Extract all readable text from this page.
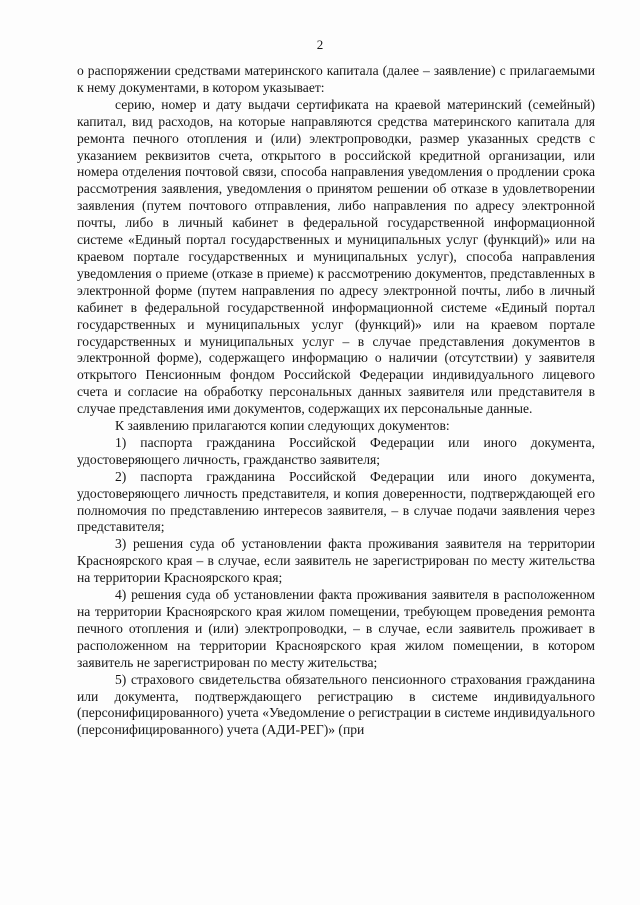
2

о распоряжении средствами материнского капитала (далее – заявление) с прилагаемыми к нему документами, в котором указывает:

серию, номер и дату выдачи сертификата на краевой материнский (семейный) капитал, вид расходов, на которые направляются средства материнского капитала для ремонта печного отопления и (или) электропроводки, размер указанных средств с указанием реквизитов счета, открытого в российской кредитной организации, или номера отделения почтовой связи, способа направления уведомления о продлении срока рассмотрения заявления, уведомления о принятом решении об отказе в удовлетворении заявления (путем почтового отправления, либо направления по адресу электронной почты, либо в личный кабинет в федеральной государственной информационной системе «Единый портал государственных и муниципальных услуг (функций)» или на краевом портале государственных и муниципальных услуг), способа направления уведомления о приеме (отказе в приеме) к рассмотрению документов, представленных в электронной форме (путем направления по адресу электронной почты, либо в личный кабинет в федеральной государственной информационной системе «Единый портал государственных и муниципальных услуг (функций)» или на краевом портале государственных и муниципальных услуг – в случае представления документов в электронной форме), содержащего информацию о наличии (отсутствии) у заявителя открытого Пенсионным фондом Российской Федерации индивидуального лицевого счета и согласие на обработку персональных данных заявителя или представителя в случае представления ими документов, содержащих их персональные данные.

К заявлению прилагаются копии следующих документов:

1) паспорта гражданина Российской Федерации или иного документа, удостоверяющего личность, гражданство заявителя;

2) паспорта гражданина Российской Федерации или иного документа, удостоверяющего личность представителя, и копия доверенности, подтверждающей его полномочия по представлению интересов заявителя, – в случае подачи заявления через представителя;

3) решения суда об установлении факта проживания заявителя на территории Красноярского края – в случае, если заявитель не зарегистрирован по месту жительства на территории Красноярского края;

4) решения суда об установлении факта проживания заявителя в расположенном на территории Красноярского края жилом помещении, требующем проведения ремонта печного отопления и (или) электропроводки, – в случае, если заявитель проживает в расположенном на территории Красноярского края жилом помещении, в котором заявитель не зарегистрирован по месту жительства;

5) страхового свидетельства обязательного пенсионного страхования гражданина или документа, подтверждающего регистрацию в системе индивидуального (персонифицированного) учета «Уведомление о регистрации в системе индивидуального (персонифицированного) учета (АДИ-РЕГ)» (при
